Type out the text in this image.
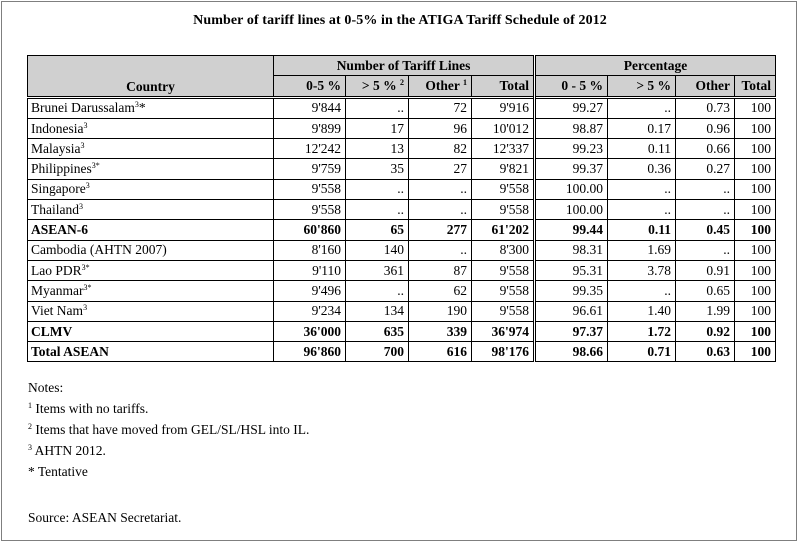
Number of tariff lines at 0-5% in the ATIGA Tariff Schedule of 2012
Country	Number of Tariff Lines				Percentage			
	0-5 %	> 5 % $^2$	Other $^1$	Total	0 - 5 %	> 5 %	Other	Total
Brunei Darussalam$^3$*	9'844	..	72	9'916	99.27	..	0.73	100
Indonesia$^3$	9'899	17	96	10'012	98.87	0.17	0.96	100
Malaysia$^3$	12'242	13	82	12'337	99.23	0.11	0.66	100
Philippines$^{3*}$	9'759	35	27	9'821	99.37	0.36	0.27	100
Singapore$^3$	9'558	..	..	9'558	100.00	..	..	100
Thailand$^3$	9'558	..	..	9'558	100.00	..	..	100
ASEAN-6	60'860	65	277	61'202	99.44	0.11	0.45	100
Cambodia (AHTN 2007)	8'160	140	..	8'300	98.31	1.69	..	100
Lao $PDR^{3*}$	9'110	361	87	9'558	95.31	3.78	0.91	100
Myanmar$^{3*}$	9'496	..	62	9'558	99.35	..	0.65	100
Viet Nam$^3$	9'234	134	190	9'558	96.61	1.40	1.99	100
CLMV	36'000	635	339	36'974	97.37	1.72	0.92	100
Total ASEAN	96'860	700	616	98'176	98.66	0.71	0.63	100
Notes:
$^1$ Items with no tariffs.
$^2$ Items that have moved from GEL/SL/HSL into IL.
$^3$ AHTN 2012.
* Tentative
Source: ASEAN Secretariat.
